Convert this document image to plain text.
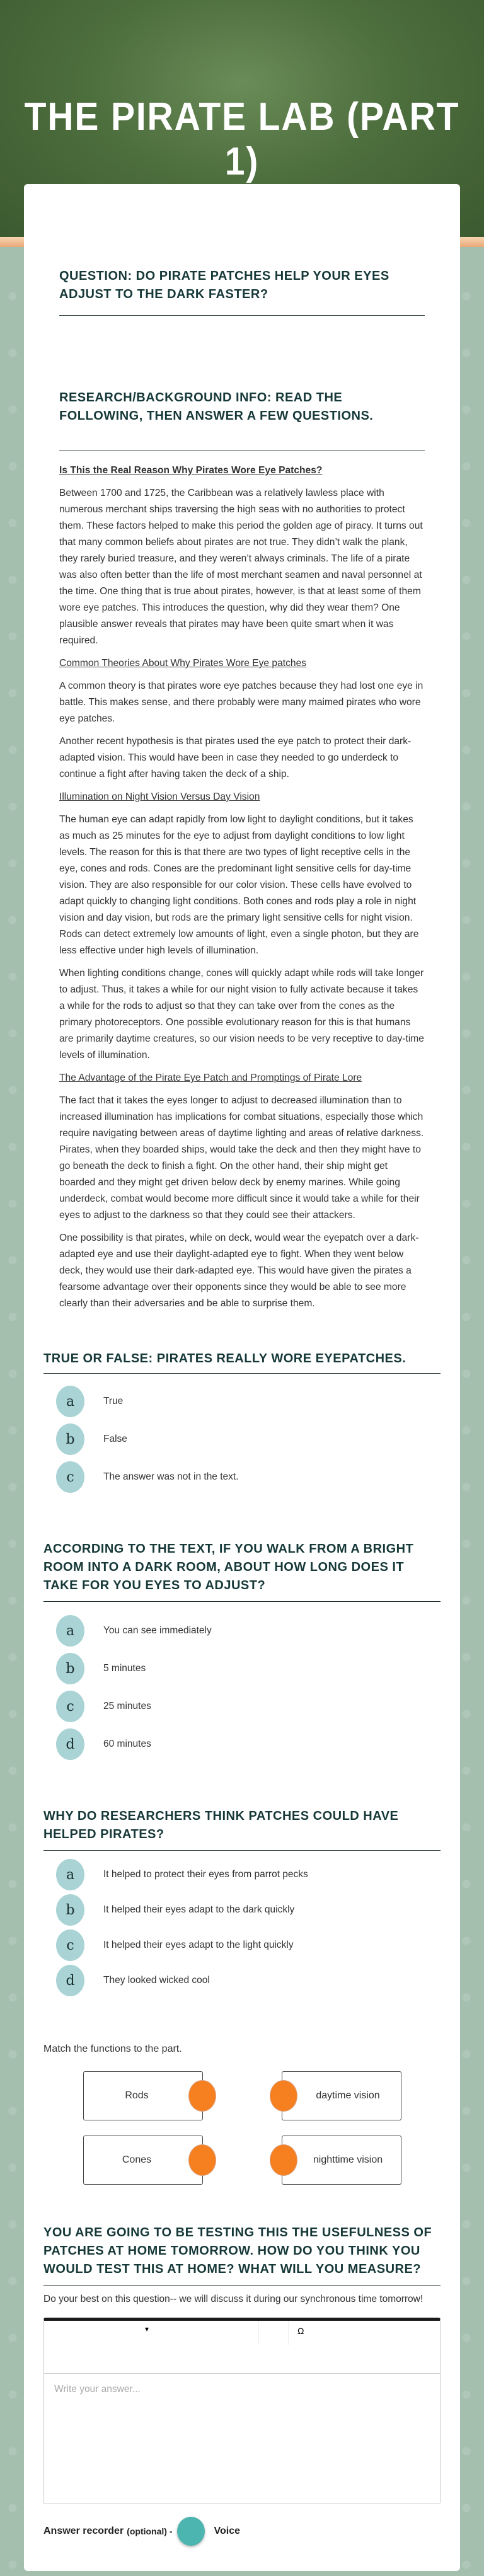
THE PIRATE LAB (PART 1)

QUESTION: DO PIRATE PATCHES HELP YOUR EYES ADJUST TO THE DARK FASTER?

RESEARCH/BACKGROUND INFO: READ THE FOLLOWING, THEN ANSWER A FEW QUESTIONS.

Is This the Real Reason Why Pirates Wore Eye Patches?

Between 1700 and 1725, the Caribbean was a relatively lawless place with numerous merchant ships traversing the high seas with no authorities to protect them. These factors helped to make this period the golden age of piracy. It turns out that many common beliefs about pirates are not true. They didn’t walk the plank, they rarely buried treasure, and they weren’t always criminals. The life of a pirate was also often better than the life of most merchant seamen and naval personnel at the time. One thing that is true about pirates, however, is that at least some of them wore eye patches. This introduces the question, why did they wear them? One plausible answer reveals that pirates may have been quite smart when it was required.

Common Theories About Why Pirates Wore Eye patches

A common theory is that pirates wore eye patches because they had lost one eye in battle. This makes sense, and there probably were many maimed pirates who wore eye patches.

Another recent hypothesis is that pirates used the eye patch to protect their dark-adapted vision. This would have been in case they needed to go underdeck to continue a fight after having taken the deck of a ship.

Illumination on Night Vision Versus Day Vision

The human eye can adapt rapidly from low light to daylight conditions, but it takes as much as 25 minutes for the eye to adjust from daylight conditions to low light levels. The reason for this is that there are two types of light receptive cells in the eye, cones and rods. Cones are the predominant light sensitive cells for day-time vision. They are also responsible for our color vision. These cells have evolved to adapt quickly to changing light conditions. Both cones and rods play a role in night vision and day vision, but rods are the primary light sensitive cells for night vision. Rods can detect extremely low amounts of light, even a single photon, but they are less effective under high levels of illumination.

When lighting conditions change, cones will quickly adapt while rods will take longer to adjust. Thus, it takes a while for our night vision to fully activate because it takes a while for the rods to adjust so that they can take over from the cones as the primary photoreceptors. One possible evolutionary reason for this is that humans are primarily daytime creatures, so our vision needs to be very receptive to day-time levels of illumination.

The Advantage of the Pirate Eye Patch and Promptings of Pirate Lore

The fact that it takes the eyes longer to adjust to decreased illumination than to increased illumination has implications for combat situations, especially those which require navigating between areas of daytime lighting and areas of relative darkness. Pirates, when they boarded ships, would take the deck and then they might have to go beneath the deck to finish a fight. On the other hand, their ship might get boarded and they might get driven below deck by enemy marines. While going underdeck, combat would become more difficult since it would take a while for their eyes to adjust to the darkness so that they could see their attackers.

One possibility is that pirates, while on deck, would wear the eyepatch over a dark-adapted eye and use their daylight-adapted eye to fight. When they went below deck, they would use their dark-adapted eye. This would have given the pirates a fearsome advantage over their opponents since they would be able to see more clearly than their adversaries and be able to surprise them.

TRUE OR FALSE: PIRATES REALLY WORE EYEPATCHES.

a	True
b	False
c	The answer was not in the text.

ACCORDING TO THE TEXT, IF YOU WALK FROM A BRIGHT ROOM INTO A DARK ROOM, ABOUT HOW LONG DOES IT TAKE FOR YOU EYES TO ADJUST?

a	You can see immediately
b	5 minutes
c	25 minutes
d	60 minutes

WHY DO RESEARCHERS THINK PATCHES COULD HAVE HELPED PIRATES?

a	It helped to protect their eyes from parrot pecks
b	It helped their eyes adapt to the dark quickly
c	It helped their eyes adapt to the light quickly
d	They looked wicked cool
Match the functions to the part.
Rods	daytime vision
Cones	nighttime vision

YOU ARE GOING TO BE TESTING THIS THE USEFULNESS OF PATCHES AT HOME TOMORROW. HOW DO YOU THINK YOU WOULD TEST THIS AT HOME? WHAT WILL YOU MEASURE?

Do your best on this question-- we will discuss it during our synchronous time tomorrow!
▾	Ω
Write your answer...
Answer recorder (optional) -	Voice
